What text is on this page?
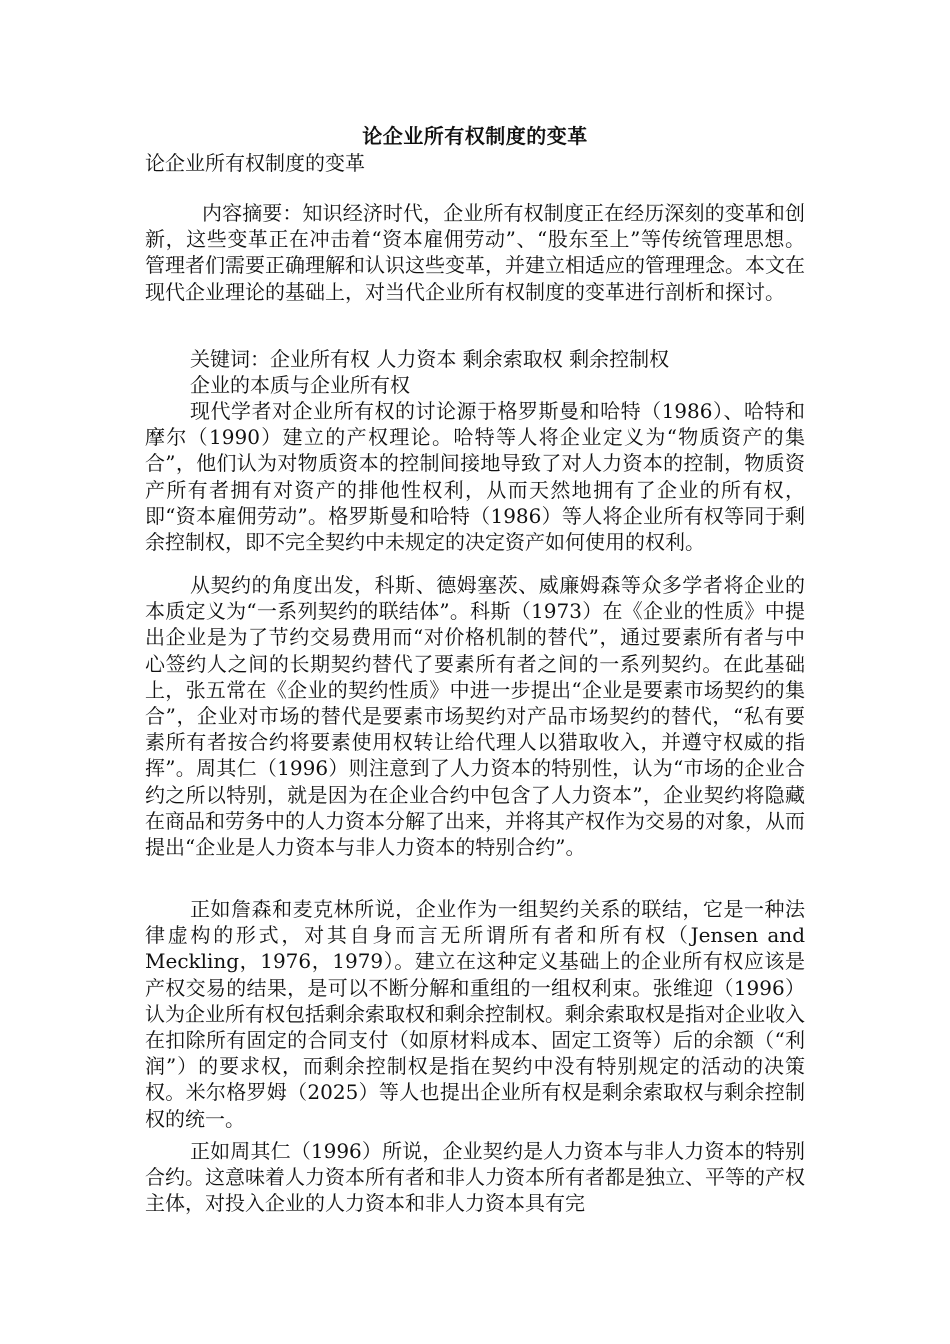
论企业所有权制度的变革

论企业所有权制度的变革

内容摘要：知识经济时代，企业所有权制度正在经历深刻的变革和创新，这些变革正在冲击着“资本雇佣劳动”、“股东至上”等传统管理思想。管理者们需要正确理解和认识这些变革，并建立相适应的管理理念。本文在现代企业理论的基础上，对当代企业所有权制度的变革进行剖析和探讨。

关键词：企业所有权 人力资本 剩余索取权 剩余控制权

企业的本质与企业所有权

现代学者对企业所有权的讨论源于格罗斯曼和哈特（1986）、哈特和摩尔（1990）建立的产权理论。哈特等人将企业定义为“物质资产的集合”，他们认为对物质资本的控制间接地导致了对人力资本的控制，物质资产所有者拥有对资产的排他性权利，从而天然地拥有了企业的所有权，即“资本雇佣劳动”。格罗斯曼和哈特（1986）等人将企业所有权等同于剩余控制权，即不完全契约中未规定的决定资产如何使用的权利。

从契约的角度出发，科斯、德姆塞茨、威廉姆森等众多学者将企业的本质定义为“一系列契约的联结体”。科斯（1973）在《企业的性质》中提出企业是为了节约交易费用而“对价格机制的替代”，通过要素所有者与中心签约人之间的长期契约替代了要素所有者之间的一系列契约。在此基础上，张五常在《企业的契约性质》中进一步提出“企业是要素市场契约的集合”，企业对市场的替代是要素市场契约对产品市场契约的替代，“私有要素所有者按合约将要素使用权转让给代理人以猎取收入，并遵守权威的指挥”。周其仁（1996）则注意到了人力资本的特别性，认为“市场的企业合约之所以特别，就是因为在企业合约中包含了人力资本”，企业契约将隐藏在商品和劳务中的人力资本分解了出来，并将其产权作为交易的对象，从而提出“企业是人力资本与非人力资本的特别合约”。

正如詹森和麦克林所说，企业作为一组契约关系的联结，它是一种法律虚构的形式，对其自身而言无所谓所有者和所有权（Jensen and Meckling，1976，1979）。建立在这种定义基础上的企业所有权应该是产权交易的结果，是可以不断分解和重组的一组权利束。张维迎（1996）认为企业所有权包括剩余索取权和剩余控制权。剩余索取权是指对企业收入在扣除所有固定的合同支付（如原材料成本、固定工资等）后的余额（“利润”）的要求权，而剩余控制权是指在契约中没有特别规定的活动的决策权。米尔格罗姆（2025）等人也提出企业所有权是剩余索取权与剩余控制权的统一。

正如周其仁（1996）所说，企业契约是人力资本与非人力资本的特别合约。这意味着人力资本所有者和非人力资本所有者都是独立、平等的产权主体，对投入企业的人力资本和非人力资本具有完
